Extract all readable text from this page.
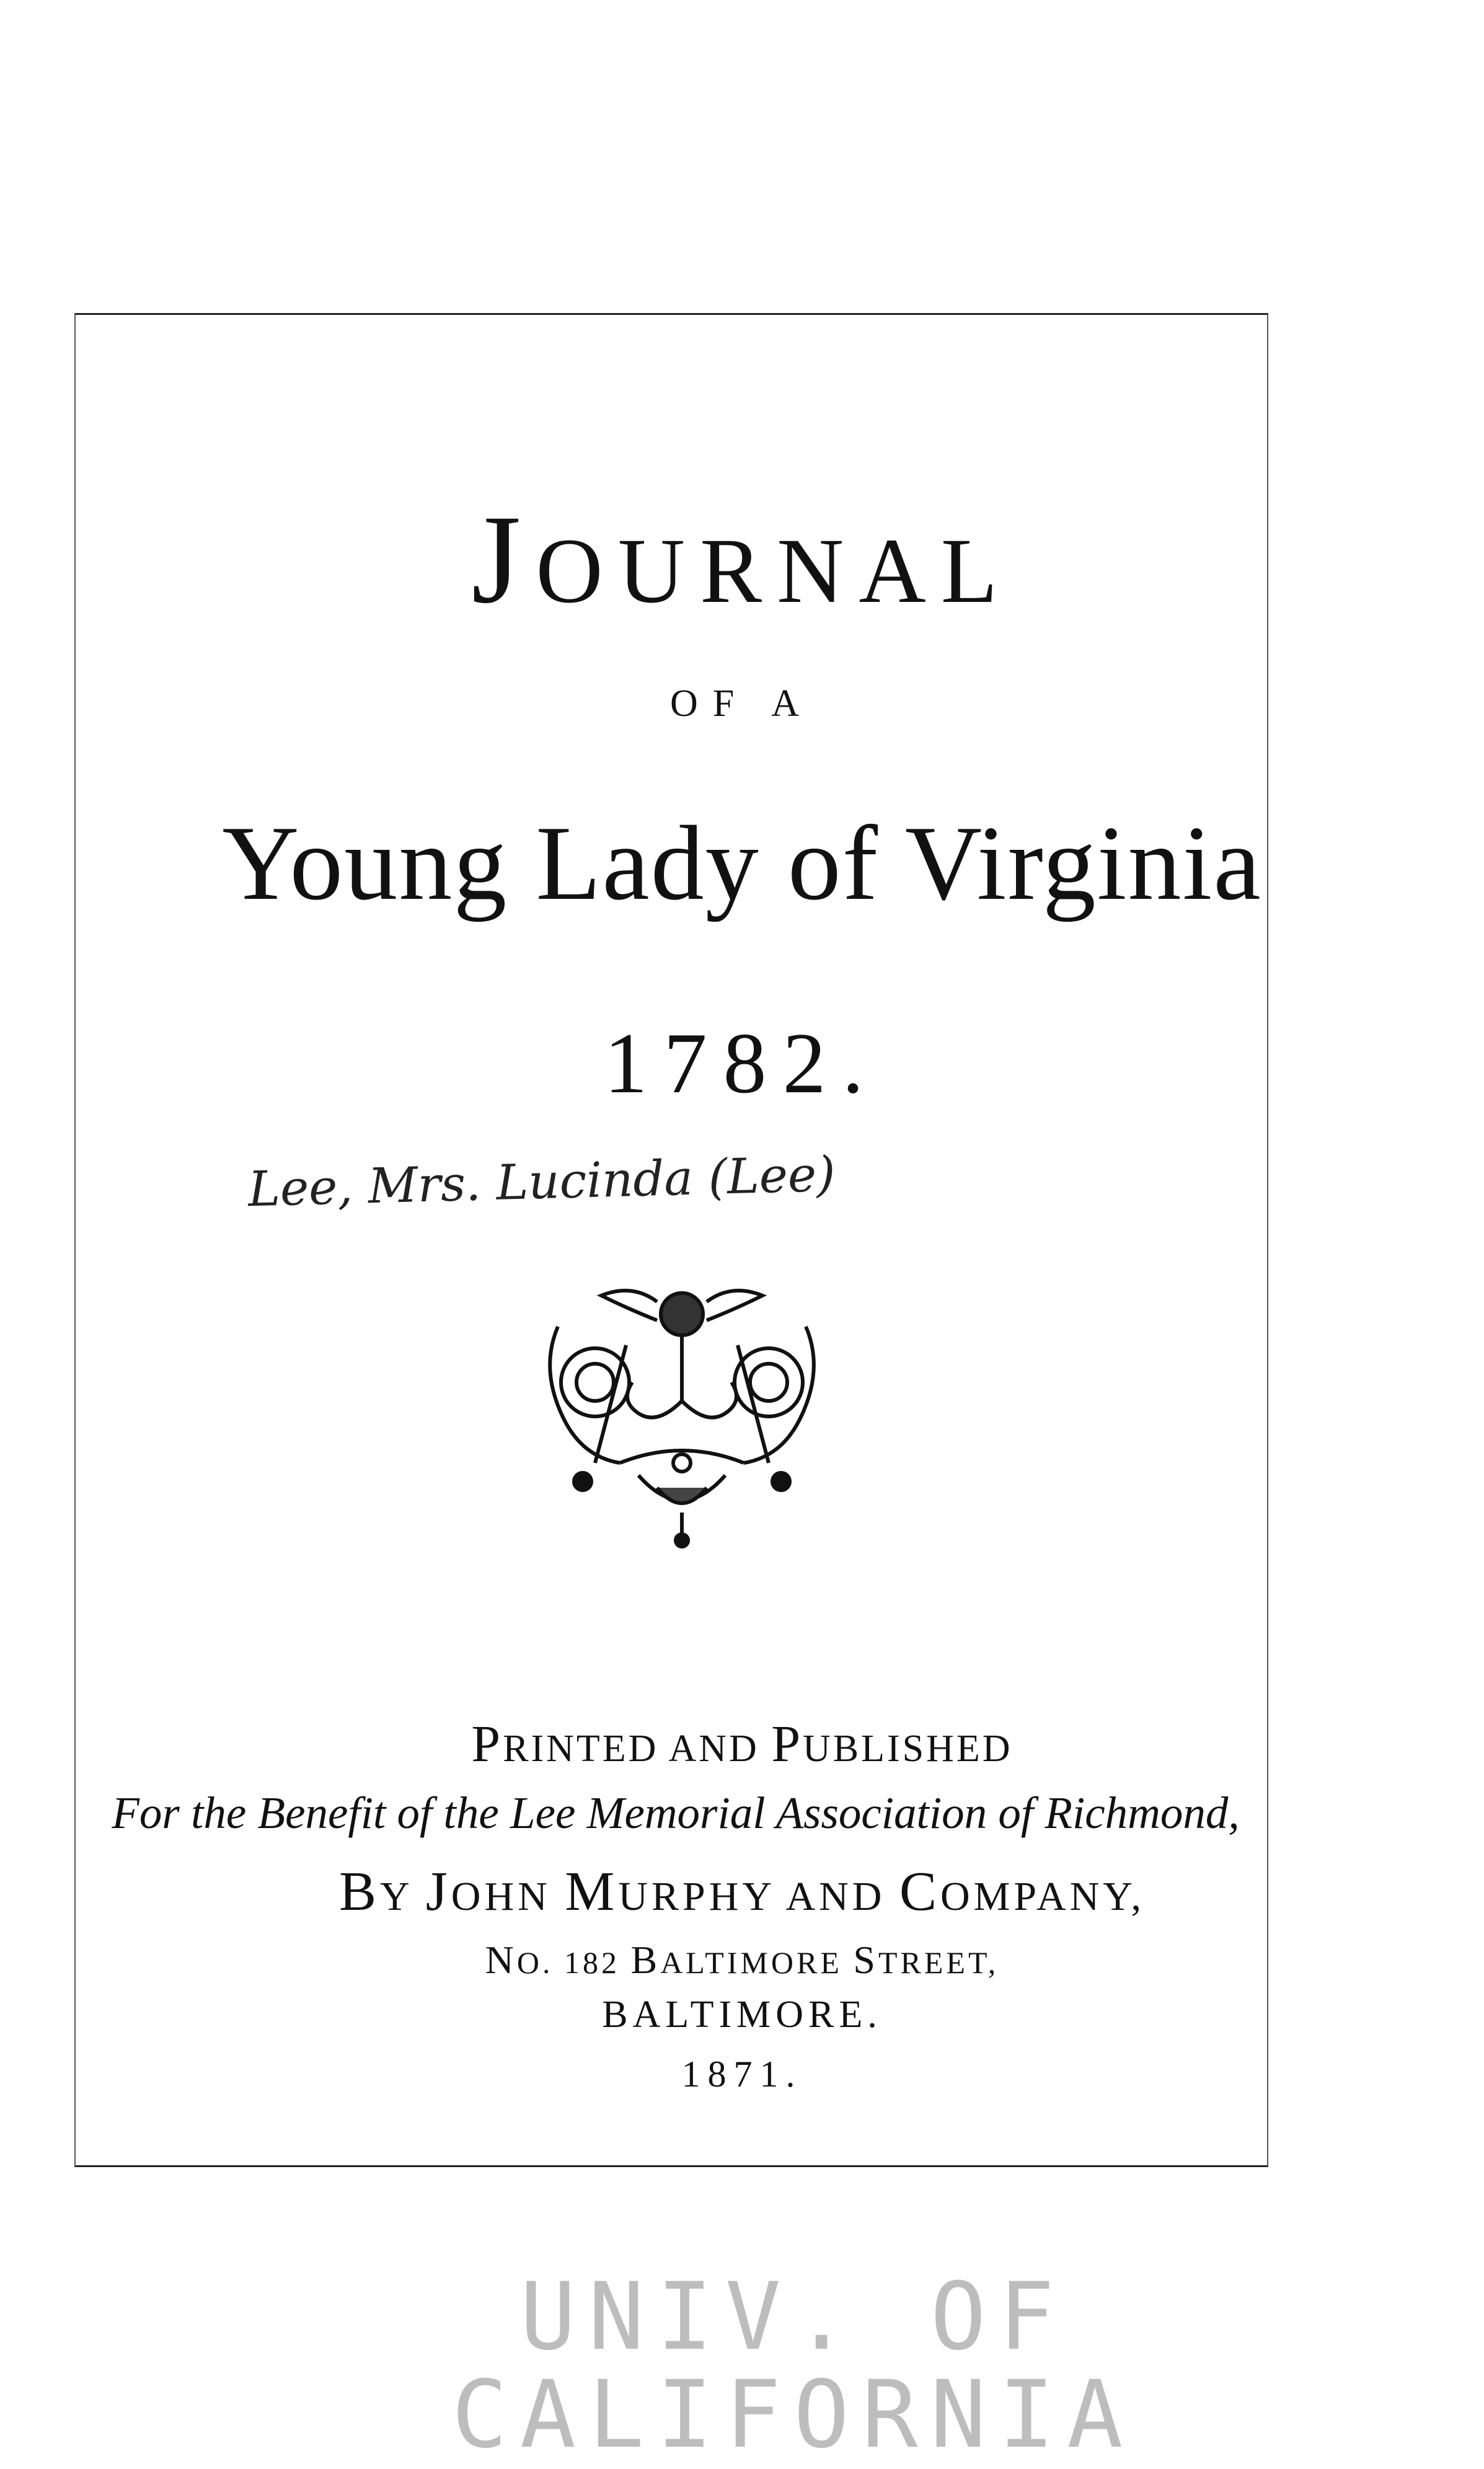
JOURNAL
OF A
Young Lady of Virginia
1782.
Lee, Mrs. Lucinda (Lee)
PRINTED AND PUBLISHED
For the Benefit of the Lee Memorial Association of Richmond,
BY JOHN MURPHY AND COMPANY,
NO. 182 BALTIMORE STREET,
BALTIMORE.
1871.
UNIV. OF
CALIFORNIA
